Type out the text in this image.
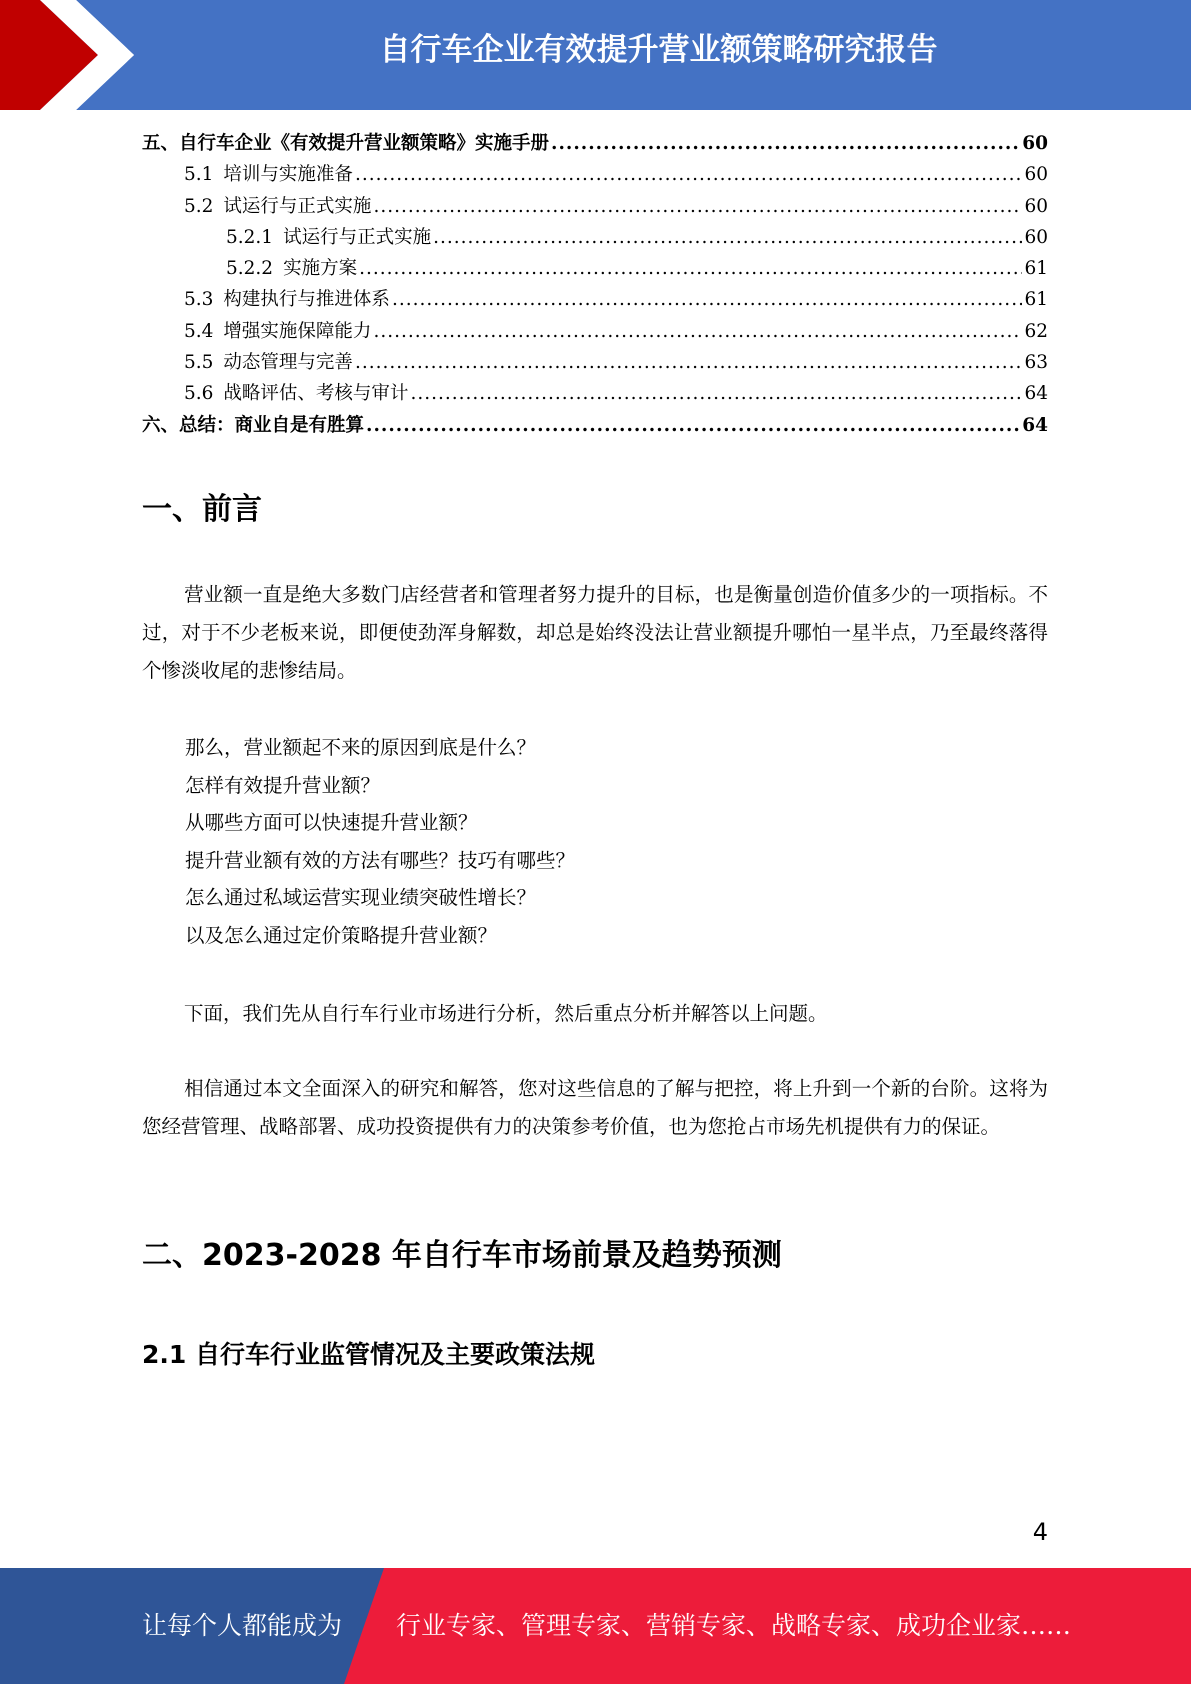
自行车企业有效提升营业额策略研究报告
五、自行车企业《有效提升营业额策略》实施手册 .....	60
5.1 培训与实施准备 .....	60
5.2 试运行与正式实施 .....	60
5.2.1 试运行与正式实施 .....	60
5.2.2 实施方案 .....	61
5.3 构建执行与推进体系 .....	61
5.4 增强实施保障能力 .....	62
5.5 动态管理与完善 .....	63
5.6 战略评估、考核与审计 .....	64
六、总结：商业自是有胜算 .....	64
一、前言
营业额一直是绝大多数门店经营者和管理者努力提升的目标，也是衡量创造价值多少的一项指标。不过，对于不少老板来说，即便使劲浑身解数，却总是始终没法让营业额提升哪怕一星半点，乃至最终落得个惨淡收尾的悲惨结局。
那么，营业额起不来的原因到底是什么？
怎样有效提升营业额？
从哪些方面可以快速提升营业额？
提升营业额有效的方法有哪些？技巧有哪些？
怎么通过私域运营实现业绩突破性增长？
以及怎么通过定价策略提升营业额？
下面，我们先从自行车行业市场进行分析，然后重点分析并解答以上问题。
相信通过本文全面深入的研究和解答，您对这些信息的了解与把控，将上升到一个新的台阶。这将为您经营管理、战略部署、成功投资提供有力的决策参考价值，也为您抢占市场先机提供有力的保证。
二、2023-2028 年自行车市场前景及趋势预测
2.1 自行车行业监管情况及主要政策法规
4
让每个人都能成为 行业专家、管理专家、营销专家、战略专家、成功企业家……
